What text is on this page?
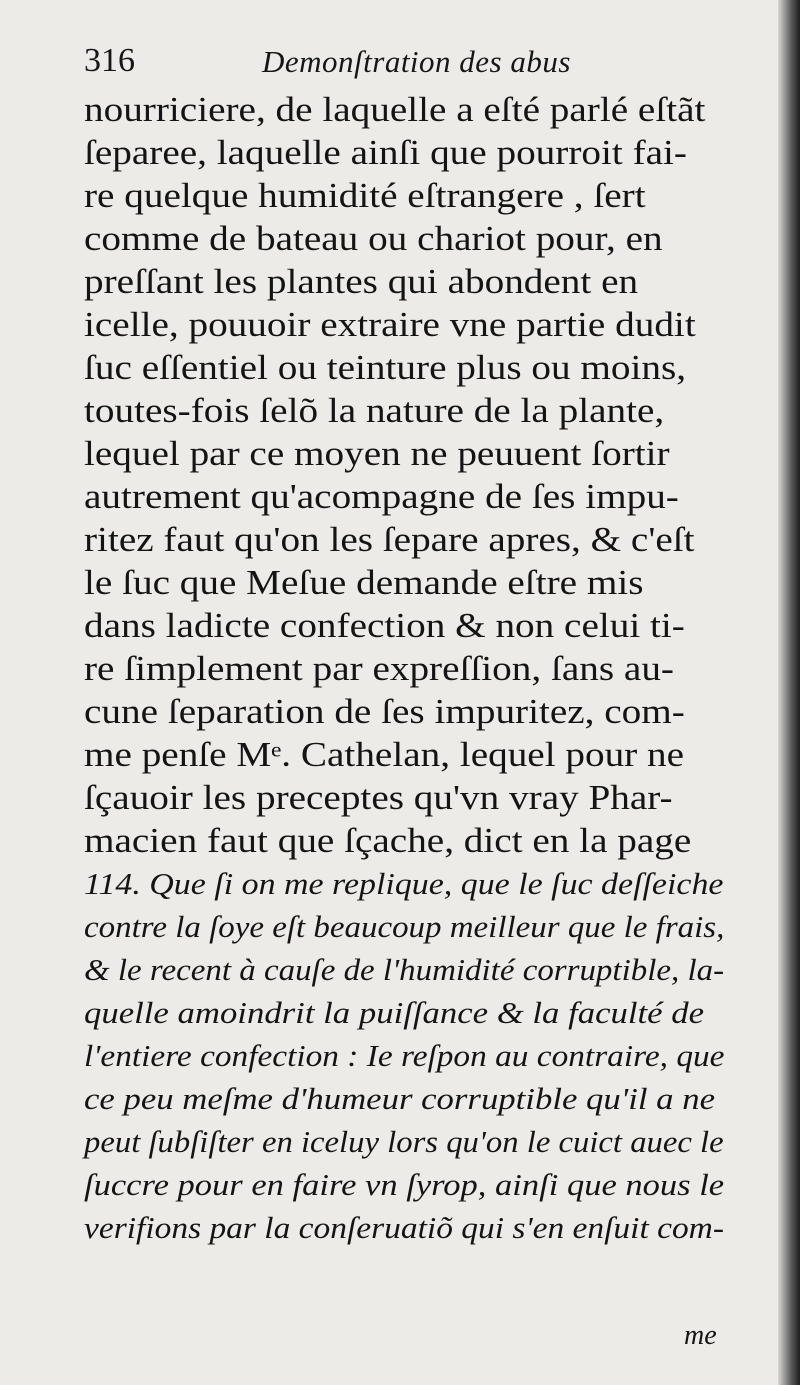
316	Demonſtration des abus
nourriciere, de laquelle a eſté parlé eſtãt
ſeparee, laquelle ainſi que pourroit fai-
re quelque humidité eſtrangere , ſert
comme de bateau ou chariot pour, en
preſſant les plantes qui abondent en
icelle, pouuoir extraire vne partie dudit
ſuc eſſentiel ou teinture plus ou moins,
toutes-fois ſelõ la nature de la plante,
lequel par ce moyen ne peuuent ſortir
autrement qu'acompagne de ſes impu-
ritez faut qu'on les ſepare apres, & c'eſt
le ſuc que Meſue demande eſtre mis
dans ladicte confection & non celui ti-
re ſimplement par expreſſion, ſans au-
cune ſeparation de ſes impuritez, com-
me penſe Mᵉ. Cathelan, lequel pour ne
ſçauoir les preceptes qu'vn vray Phar-
macien faut que ſçache, dict en la page
114. Que ſi on me replique, que le ſuc deſſeiche
contre la ſoye eſt beaucoup meilleur que le frais,
& le recent à cauſe de l'humidité corruptible, la-
quelle amoindrit la puiſſance & la faculté de
l'entiere confection : Ie reſpon au contraire, que
ce peu meſme d'humeur corruptible qu'il a ne
peut ſubſiſter en iceluy lors qu'on le cuict auec le
ſuccre pour en faire vn ſyrop, ainſi que nous le
verifions par la conſeruatiõ qui s'en enſuit com-
me
